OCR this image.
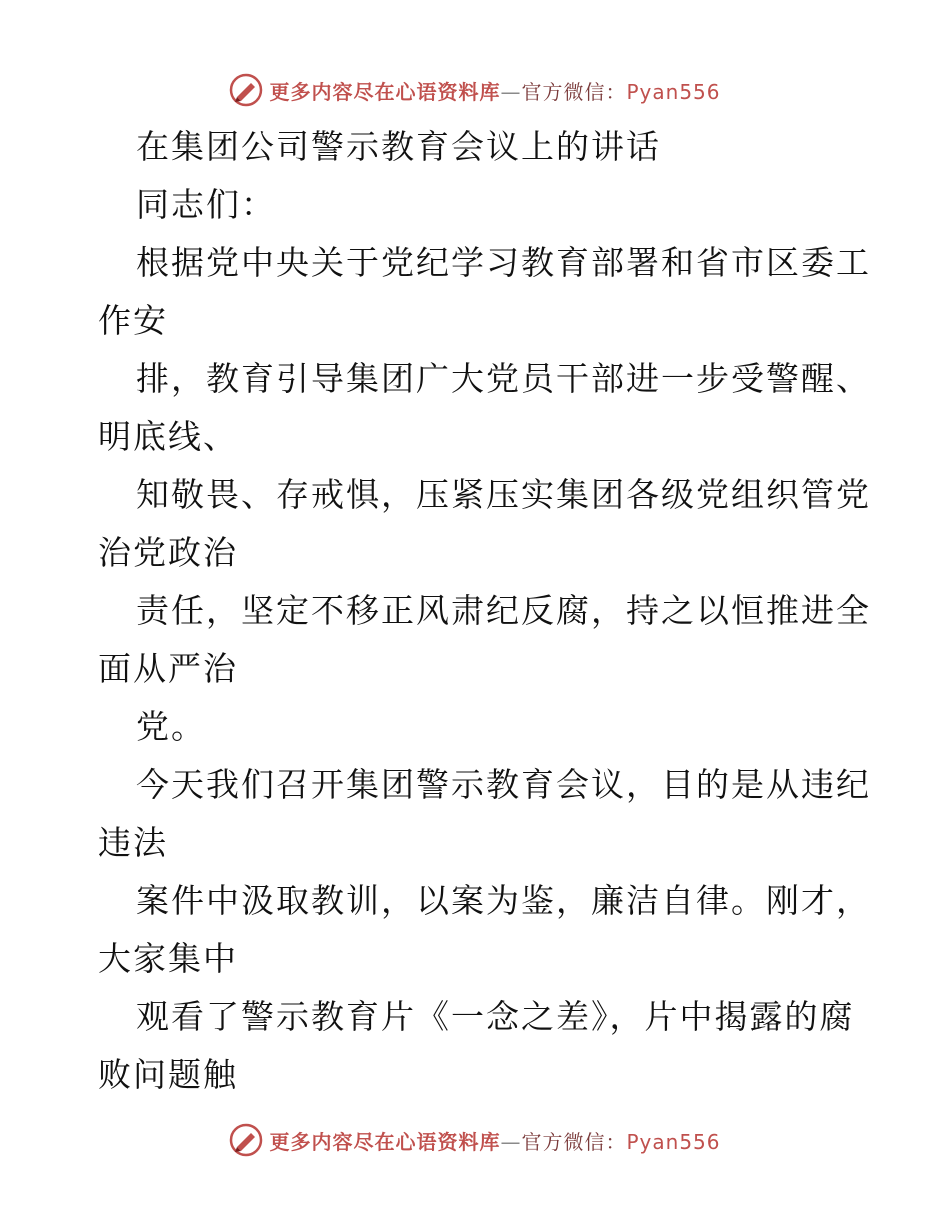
更多内容尽在心语资料库—官方微信：Pyan556
在集团公司警示教育会议上的讲话
同志们：
根据党中央关于党纪学习教育部署和省市区委工
作安
排，教育引导集团广大党员干部进一步受警醒、
明底线、
知敬畏、存戒惧，压紧压实集团各级党组织管党
治党政治
责任，坚定不移正风肃纪反腐，持之以恒推进全
面从严治
党。
今天我们召开集团警示教育会议，目的是从违纪
违法
案件中汲取教训，以案为鉴，廉洁自律。刚才，
大家集中
观看了警示教育片《一念之差》，片中揭露的腐
败问题触
更多内容尽在心语资料库—官方微信：Pyan556
